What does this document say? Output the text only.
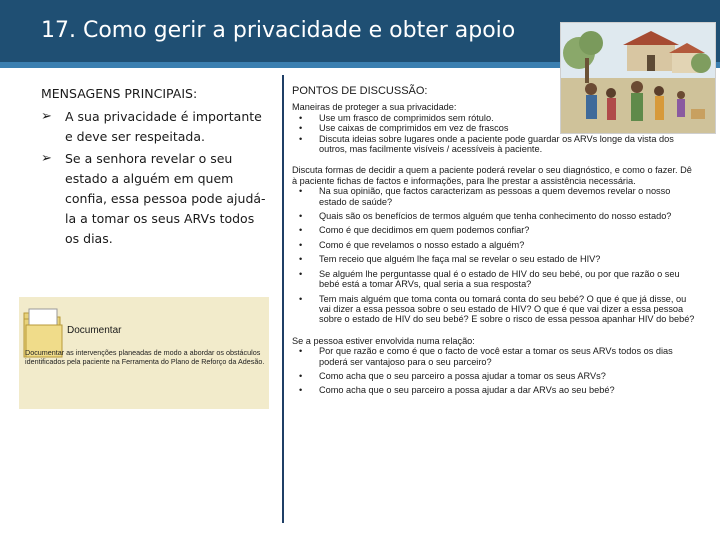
17. Como gerir a privacidade e obter apoio
MENSAGENS PRINCIPAIS:
➢ A sua privacidade é importante e deve ser respeitada.
➢ Se a senhora revelar o seu estado a alguém em quem confia, essa pessoa pode ajudá-la a tomar os seus ARVs todos os dias.
Documentar
Documentar as intervenções planeadas de modo a abordar os obstáculos identificados pela paciente na Ferramenta do Plano de Reforço da Adesão.
PONTOS DE DISCUSSÃO:
Maneiras de proteger a sua privacidade:
• Use um frasco de comprimidos sem rótulo.
• Use caixas de comprimidos em vez de frascos
• Discuta ideias sobre lugares onde a paciente pode guardar os ARVs longe da vista dos outros, mas facilmente visíveis / acessíveis à paciente.
Discuta formas de decidir a quem a paciente poderá revelar o seu diagnóstico, e como o fazer. Dê à paciente fichas de factos e informações, para lhe prestar a assistência necessária.
• Na sua opinião, que factos caracterizam as pessoas a quem devemos revelar o nosso estado de saúde?
• Quais são os benefícios de termos alguém que tenha conhecimento do nosso estado?
• Como é que decidimos em quem podemos confiar?
• Como é que revelamos o nosso estado a alguém?
• Tem receio que alguém lhe faça mal se revelar o seu estado de HIV?
• Se alguém lhe perguntasse qual é o estado de HIV do seu bebé, ou por que razão o seu bebé está a tomar ARVs, qual seria a sua resposta?
• Tem mais alguém que toma conta ou tomará conta do seu bebé? O que é que já disse, ou vai dizer a essa pessoa sobre o seu estado de HIV? O que é que vai dizer a essa pessoa sobre o estado de HIV do seu bebé? E sobre o risco de essa pessoa apanhar HIV do bebé?
Se a pessoa estiver envolvida numa relação:
• Por que razão e como é que o facto de você estar a tomar os seus ARVs todos os dias poderá ser vantajoso para o seu parceiro?
• Como acha que o seu parceiro a possa ajudar a tomar os seus ARVs?
• Como acha que o seu parceiro a possa ajudar a dar ARVs ao seu bebé?
